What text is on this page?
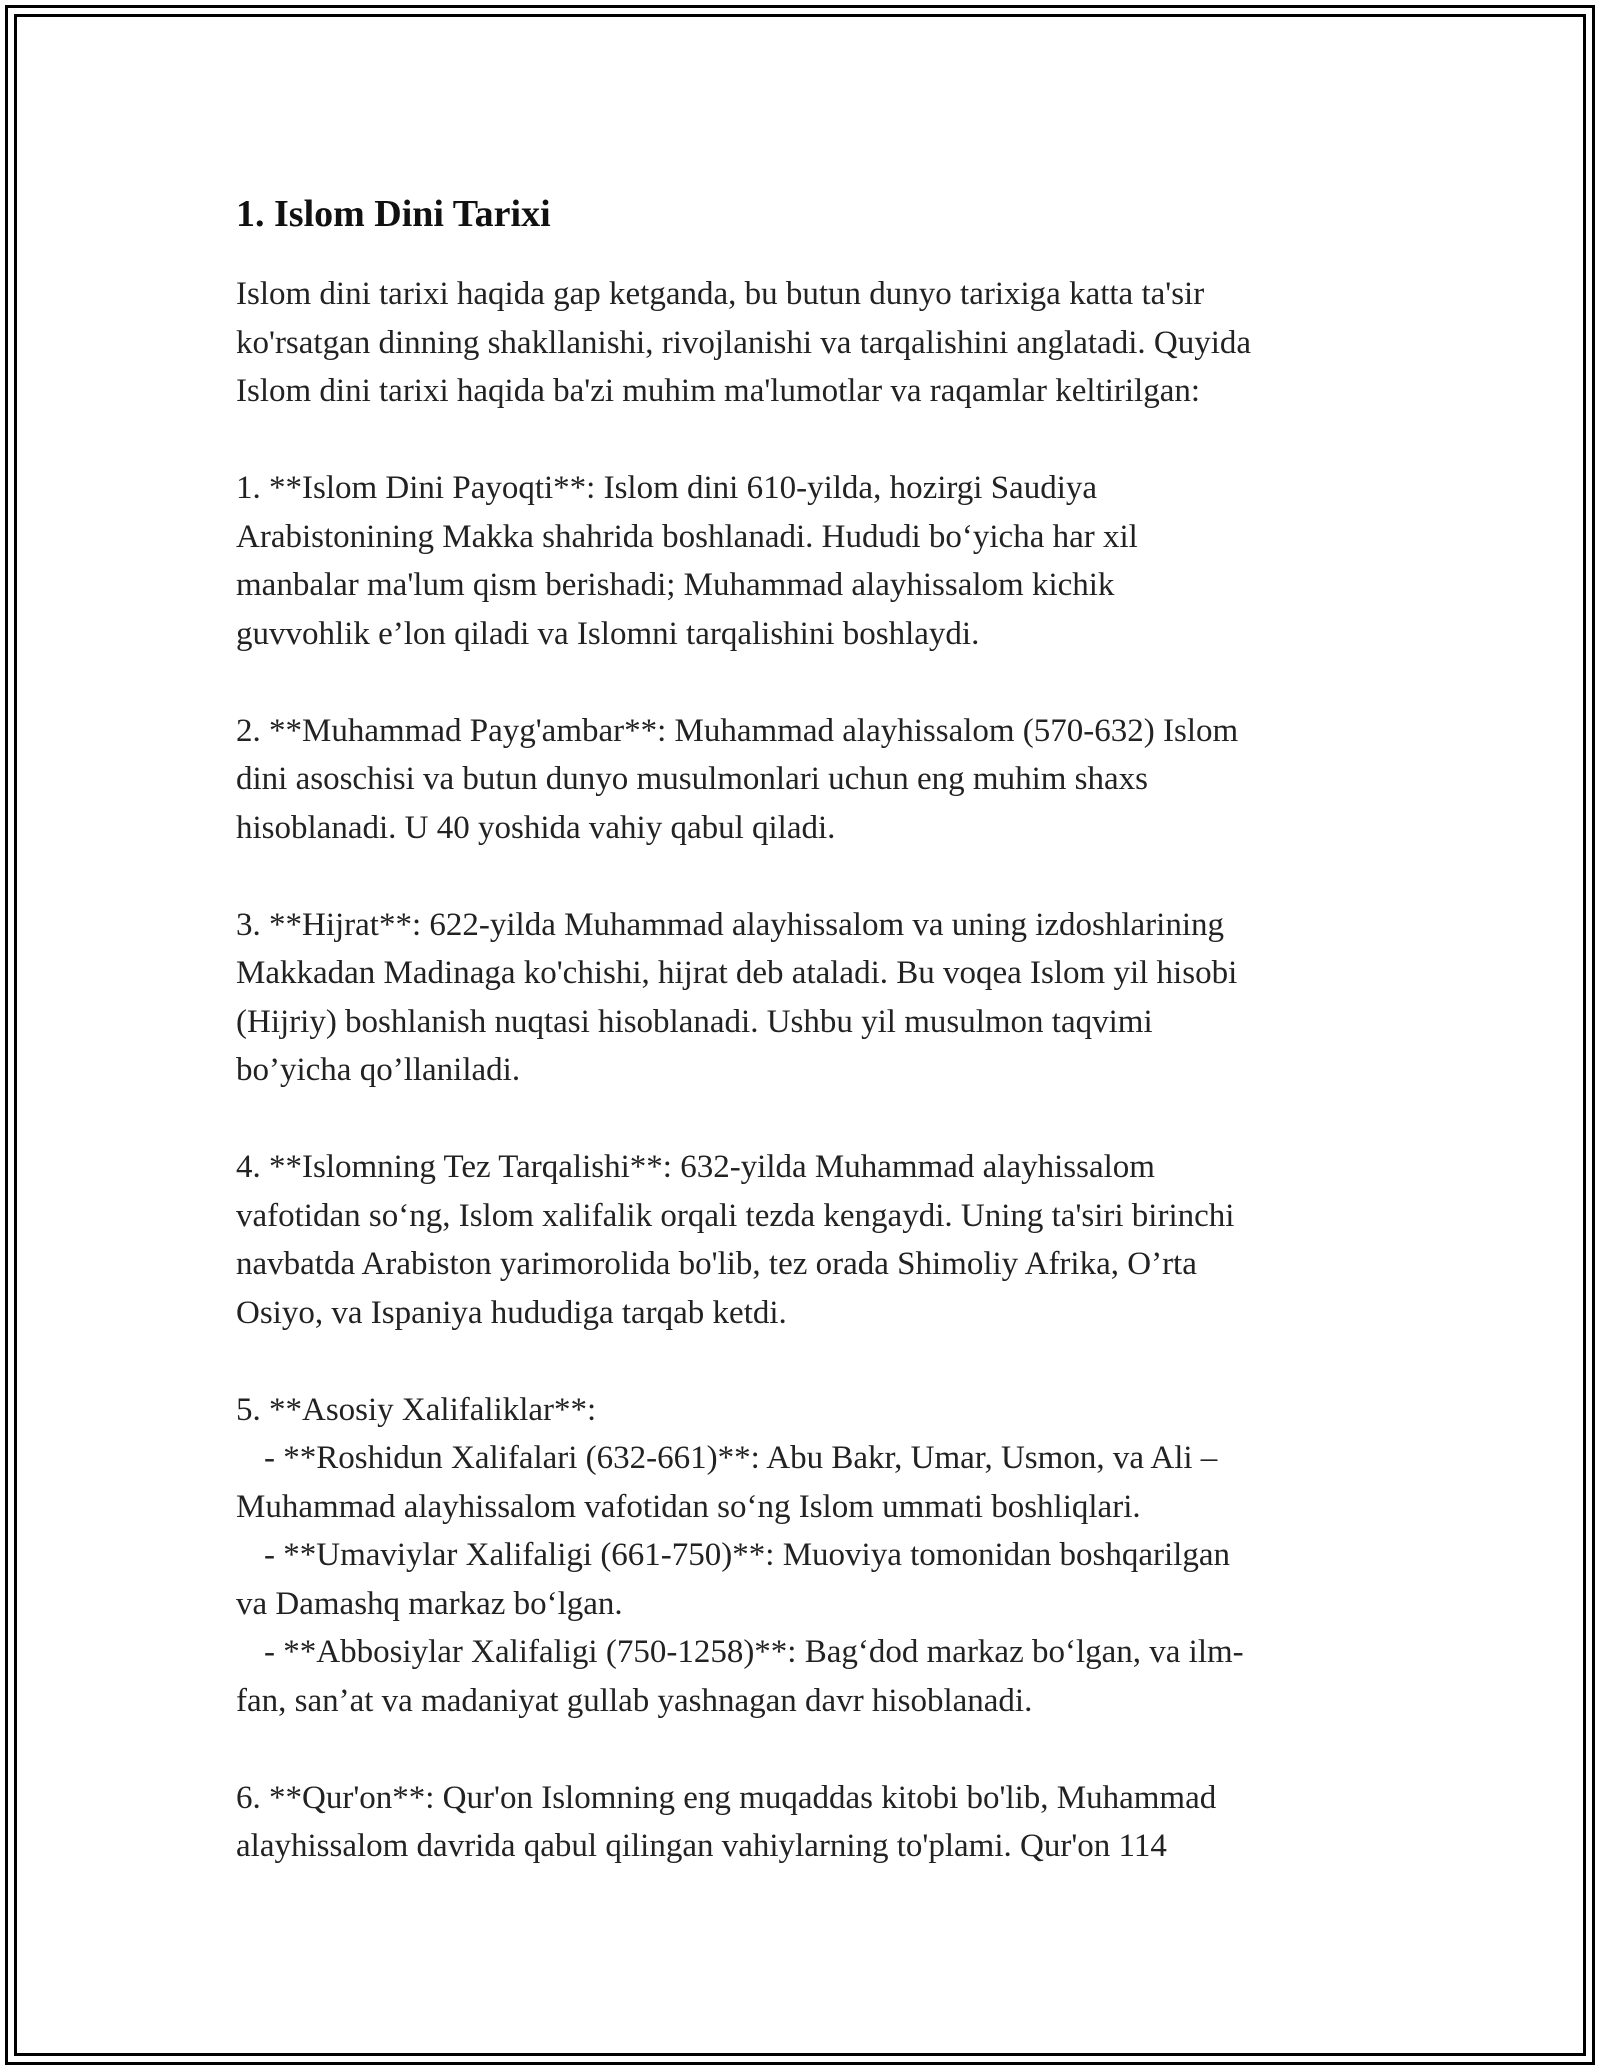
1. Islom Dini Tarixi
Islom dini tarixi haqida gap ketganda, bu butun dunyo tarixiga katta ta'sir
ko'rsatgan dinning shakllanishi, rivojlanishi va tarqalishini anglatadi. Quyida
Islom dini tarixi haqida ba'zi muhim ma'lumotlar va raqamlar keltirilgan:
1. **Islom Dini Payoqti**: Islom dini 610-yilda, hozirgi Saudiya
Arabistonining Makka shahrida boshlanadi. Hududi bo‘yicha har xil
manbalar ma'lum qism berishadi; Muhammad alayhissalom kichik
guvvohlik e’lon qiladi va Islomni tarqalishini boshlaydi.
2. **Muhammad Payg'ambar**: Muhammad alayhissalom (570-632) Islom
dini asoschisi va butun dunyo musulmonlari uchun eng muhim shaxs
hisoblanadi. U 40 yoshida vahiy qabul qiladi.
3. **Hijrat**: 622-yilda Muhammad alayhissalom va uning izdoshlarining
Makkadan Madinaga ko'chishi, hijrat deb ataladi. Bu voqea Islom yil hisobi
(Hijriy) boshlanish nuqtasi hisoblanadi. Ushbu yil musulmon taqvimi
bo’yicha qo’llaniladi.
4. **Islomning Tez Tarqalishi**: 632-yilda Muhammad alayhissalom
vafotidan so‘ng, Islom xalifalik orqali tezda kengaydi. Uning ta'siri birinchi
navbatda Arabiston yarimorolida bo'lib, tez orada Shimoliy Afrika, O’rta
Osiyo, va Ispaniya hududiga tarqab ketdi.
5. **Asosiy Xalifaliklar**:
- **Roshidun Xalifalari (632-661)**: Abu Bakr, Umar, Usmon, va Ali –
Muhammad alayhissalom vafotidan so‘ng Islom ummati boshliqlari.
- **Umaviylar Xalifaligi (661-750)**: Muoviya tomonidan boshqarilgan
va Damashq markaz bo‘lgan.
- **Abbosiylar Xalifaligi (750-1258)**: Bag‘dod markaz bo‘lgan, va ilm-
fan, san’at va madaniyat gullab yashnagan davr hisoblanadi.
6. **Qur'on**: Qur'on Islomning eng muqaddas kitobi bo'lib, Muhammad
alayhissalom davrida qabul qilingan vahiylarning to'plami. Qur'on 114
